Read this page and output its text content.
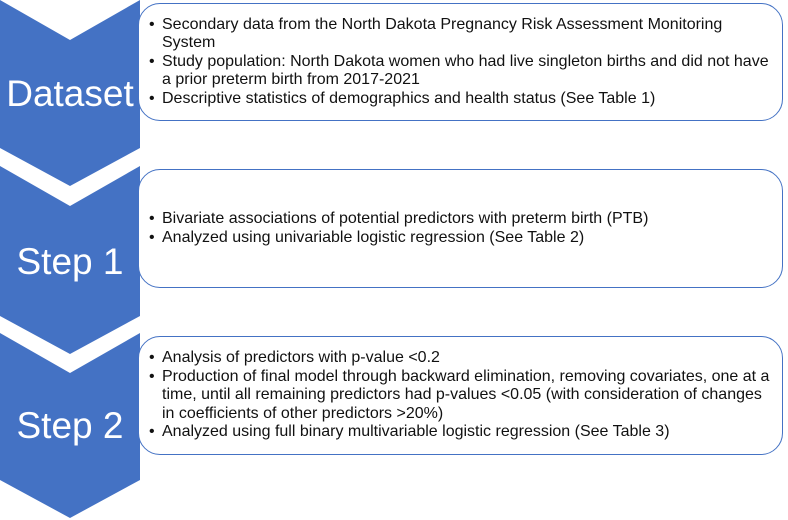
Dataset
• Secondary data from the North Dakota Pregnancy Risk Assessment Monitoring System
• Study population: North Dakota women who had live singleton births and did not have a prior preterm birth from 2017-2021
• Descriptive statistics of demographics and health status (See Table 1)
Step 1
• Bivariate associations of potential predictors with preterm birth (PTB)
• Analyzed using univariable logistic regression (See Table 2)
Step 2
• Analysis of predictors with p-value <0.2
• Production of final model through backward elimination, removing covariates, one at a time, until all remaining predictors had p-values <0.05 (with consideration of changes in coefficients of other predictors >20%)
• Analyzed using full binary multivariable logistic regression (See Table 3)
